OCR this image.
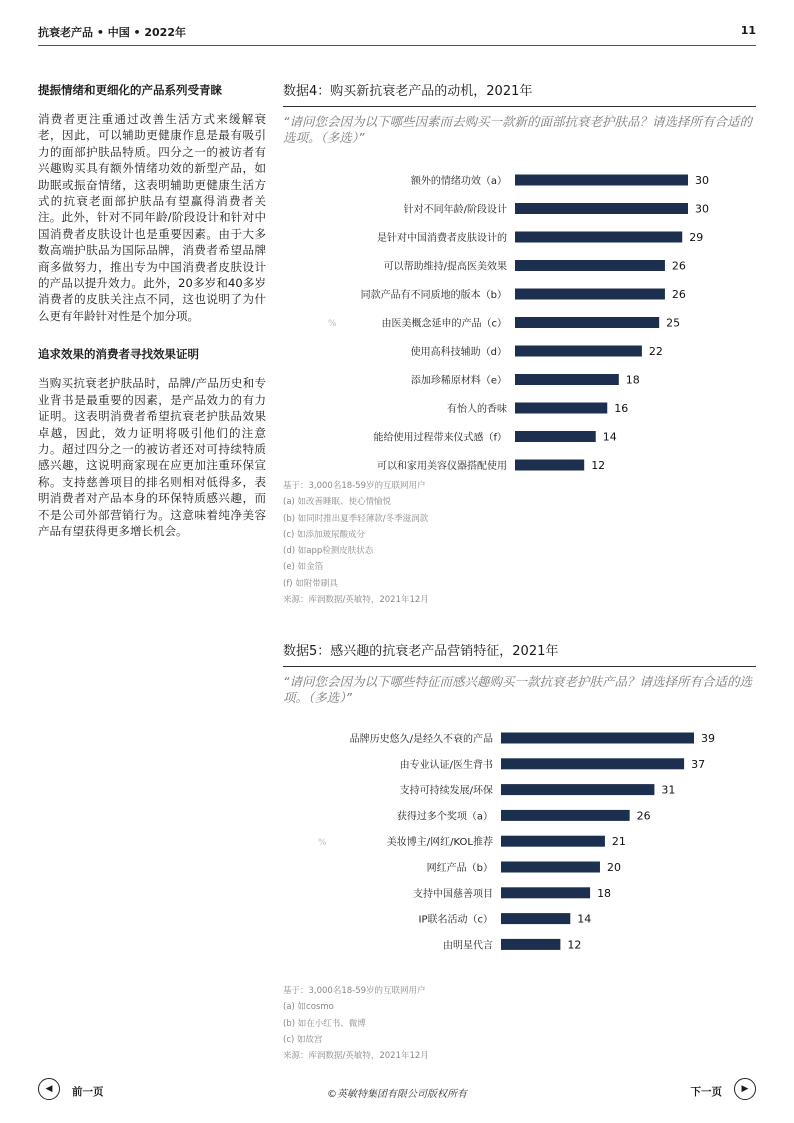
抗衰老产品 • 中国 • 2022年	11
提振情绪和更细化的产品系列受青睐

消费者更注重通过改善生活方式来缓解衰老，因此，可以辅助更健康作息是最有吸引力的面部护肤品特质。四分之一的被访者有兴趣购买具有额外情绪功效的新型产品，如助眠或振奋情绪，这表明辅助更健康生活方式的抗衰老面部护肤品有望赢得消费者关注。此外，针对不同年龄/阶段设计和针对中国消费者皮肤设计也是重要因素。由于大多数高端护肤品为国际品牌，消费者希望品牌商多做努力，推出专为中国消费者皮肤设计的产品以提升效力。此外，20多岁和40多岁消费者的皮肤关注点不同，这也说明了为什么更有年龄针对性是个加分项。

追求效果的消费者寻找效果证明

当购买抗衰老护肤品时，品牌/产品历史和专业背书是最重要的因素，是产品效力的有力证明。这表明消费者希望抗衰老护肤品效果卓越，因此，效力证明将吸引他们的注意力。超过四分之一的被访者还对可持续特质感兴趣，这说明商家现在应更加注重环保宣称。支持慈善项目的排名则相对低得多，表明消费者对产品本身的环保特质感兴趣，而不是公司外部营销行为。这意味着纯净美容产品有望获得更多增长机会。

数据4：购买新抗衰老产品的动机，2021年
“请问您会因为以下哪些因素而去购买一款新的面部抗衰老护肤品？请选择所有合适的选项。（多选）”
额外的情绪功效（a）	30
针对不同年龄/阶段设计	30
是针对中国消费者皮肤设计的	29
可以帮助维持/提高医美效果	26
同款产品有不同质地的版本（b）	26
由医美概念延申的产品（c）	25
使用高科技辅助（d）	22
添加珍稀原材料（e）	18
有怡人的香味	16
能给使用过程带来仪式感（f）	14
可以和家用美容仪器搭配使用	12
%
基于：3,000名18-59岁的互联网用户
(a) 如改善睡眠、使心情愉悦
(b) 如同时推出夏季轻薄款/冬季滋润款
(c) 如添加玻尿酸成分
(d) 如app检测皮肤状态
(e) 如金箔
(f) 如附带刷具
来源：库润数据/英敏特，2021年12月
数据5：感兴趣的抗衰老产品营销特征，2021年
“请问您会因为以下哪些特征而感兴趣购买一款抗衰老护肤产品？请选择所有合适的选项。（多选）”
品牌历史悠久/是经久不衰的产品	39
由专业认证/医生背书	37
支持可持续发展/环保	31
获得过多个奖项（a）	26
美妆博主/网红/KOL推荐	21
网红产品（b）	20
支持中国慈善项目	18
IP联名活动（c）	14
由明星代言	12
%
基于：3,000名18-59岁的互联网用户
(a) 如cosmo
(b) 如在小红书、微博
(c) 如故宫
来源：库润数据/英敏特，2021年12月
◀ 前一页	©英敏特集团有限公司版权所有	下一页 ▶
